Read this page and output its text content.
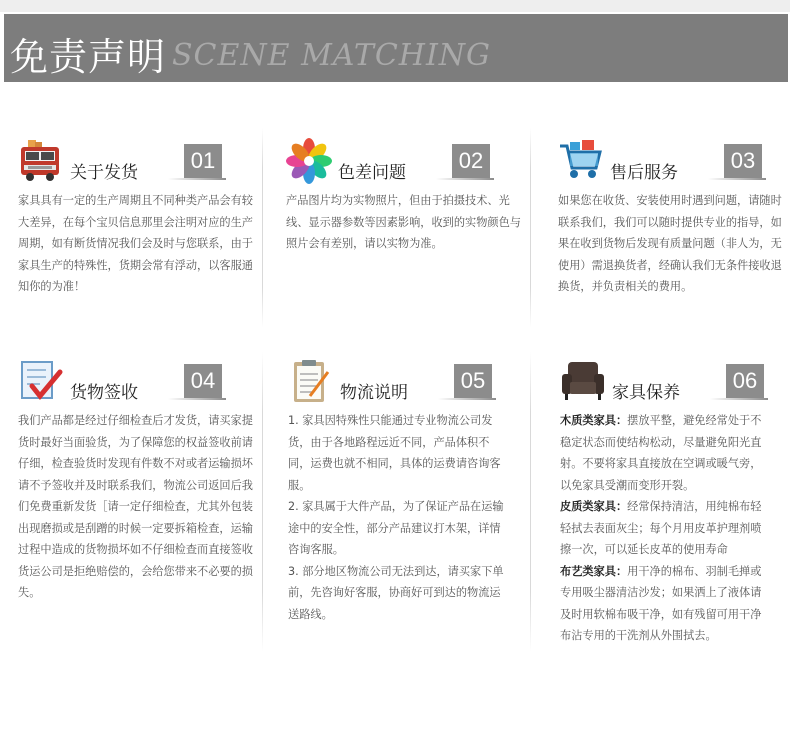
免责声明 SCENE MATCHING
关于发货	01

家具具有一定的生产周期且不同种类产品会有较大差异，在每个宝贝信息那里会注明对应的生产周期，如有断货情况我们会及时与您联系，由于家具生产的特殊性，货期会常有浮动，以客服通知你的为准！

色差问题	02

产品图片均为实物照片，但由于拍摄技术、光线、显示器参数等因素影响，收到的实物颜色与照片会有差别，请以实物为准。

售后服务	03

如果您在收货、安装使用时遇到问题，请随时联系我们，我们可以随时提供专业的指导，如果在收到货物后发现有质量问题（非人为，无使用）需退换货者，经确认我们无条件接收退换货，并负责相关的费用。

货物签收	04

我们产品都是经过仔细检查后才发货，请买家提货时最好当面验货，为了保障您的权益签收前请仔细，检查验货时发现有件数不对或者运输损坏请不予签收并及时联系我们，物流公司返回后我们免费重新发货［请一定仔细检查，尤其外包装出现磨损或是刮蹭的时候一定要拆箱检查，运输过程中造成的货物损坏如不仔细检查而直接签收货运公司是拒绝赔偿的，会给您带来不必要的损失。

物流说明	05

1. 家具因特殊性只能通过专业物流公司发货，由于各地路程远近不同，产品体积不同，运费也就不相同，具体的运费请咨询客服。

2. 家具属于大件产品，为了保证产品在运输途中的安全性，部分产品建议打木架，详情咨询客服。

3. 部分地区物流公司无法到达，请买家下单前，先咨询好客服，协商好可到达的物流运送路线。

家具保养	06

木质类家具：摆放平整，避免经常处于不稳定状态而使结构松动，尽量避免阳光直射。不要将家具直接放在空调或暖气旁，以免家具受潮而变形开裂。

皮质类家具：经常保持清洁，用纯棉布轻轻拭去表面灰尘；每个月用皮革护理剂喷擦一次，可以延长皮革的使用寿命

布艺类家具：用干净的棉布、羽制毛掸或专用吸尘器清洁沙发；如果洒上了液体请及时用软棉布吸干净，如有残留可用干净布沾专用的干洗剂从外围拭去。
